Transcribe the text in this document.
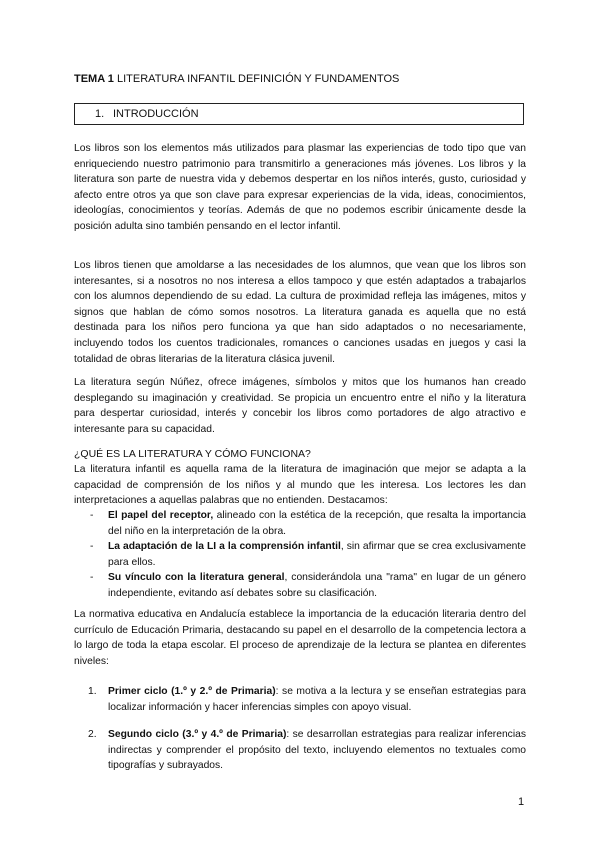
TEMA 1 LITERATURA INFANTIL DEFINICIÓN Y FUNDAMENTOS
1. INTRODUCCIÓN

Los libros son los elementos más utilizados para plasmar las experiencias de todo tipo que van enriqueciendo nuestro patrimonio para transmitirlo a generaciones más jóvenes. Los libros y la literatura son parte de nuestra vida y debemos despertar en los niños interés, gusto, curiosidad y afecto entre otros ya que son clave para expresar experiencias de la vida, ideas, conocimientos, ideologías, conocimientos y teorías. Además de que no podemos escribir únicamente desde la posición adulta sino también pensando en el lector infantil.

Los libros tienen que amoldarse a las necesidades de los alumnos, que vean que los libros son interesantes, si a nosotros no nos interesa a ellos tampoco y que estén adaptados a trabajarlos con los alumnos dependiendo de su edad. La cultura de proximidad refleja las imágenes, mitos y signos que hablan de cómo somos nosotros. La literatura ganada es aquella que no está destinada para los niños pero funciona ya que han sido adaptados o no necesariamente, incluyendo todos los cuentos tradicionales, romances o canciones usadas en juegos y casi la totalidad de obras literarias de la literatura clásica juvenil.

La literatura según Núñez, ofrece imágenes, símbolos y mitos que los humanos han creado desplegando su imaginación y creatividad. Se propicia un encuentro entre el niño y la literatura para despertar curiosidad, interés y concebir los libros como portadores de algo atractivo e interesante para su capacidad.

¿QUÉ ES LA LITERATURA Y CÓMO FUNCIONA?

La literatura infantil es aquella rama de la literatura de imaginación que mejor se adapta a la capacidad de comprensión de los niños y al mundo que les interesa. Los lectores les dan interpretaciones a aquellas palabras que no entienden. Destacamos:

- El papel del receptor, alineado con la estética de la recepción, que resalta la importancia del niño en la interpretación de la obra.
- La adaptación de la LI a la comprensión infantil, sin afirmar que se crea exclusivamente para ellos.
- Su vínculo con la literatura general, considerándola una "rama" en lugar de un género independiente, evitando así debates sobre su clasificación.

La normativa educativa en Andalucía establece la importancia de la educación literaria dentro del currículo de Educación Primaria, destacando su papel en el desarrollo de la competencia lectora a lo largo de toda la etapa escolar. El proceso de aprendizaje de la lectura se plantea en diferentes niveles:

1. Primer ciclo (1.º y 2.º de Primaria): se motiva a la lectura y se enseñan estrategias para localizar información y hacer inferencias simples con apoyo visual.
2. Segundo ciclo (3.º y 4.º de Primaria): se desarrollan estrategias para realizar inferencias indirectas y comprender el propósito del texto, incluyendo elementos no textuales como tipografías y subrayados.
1
